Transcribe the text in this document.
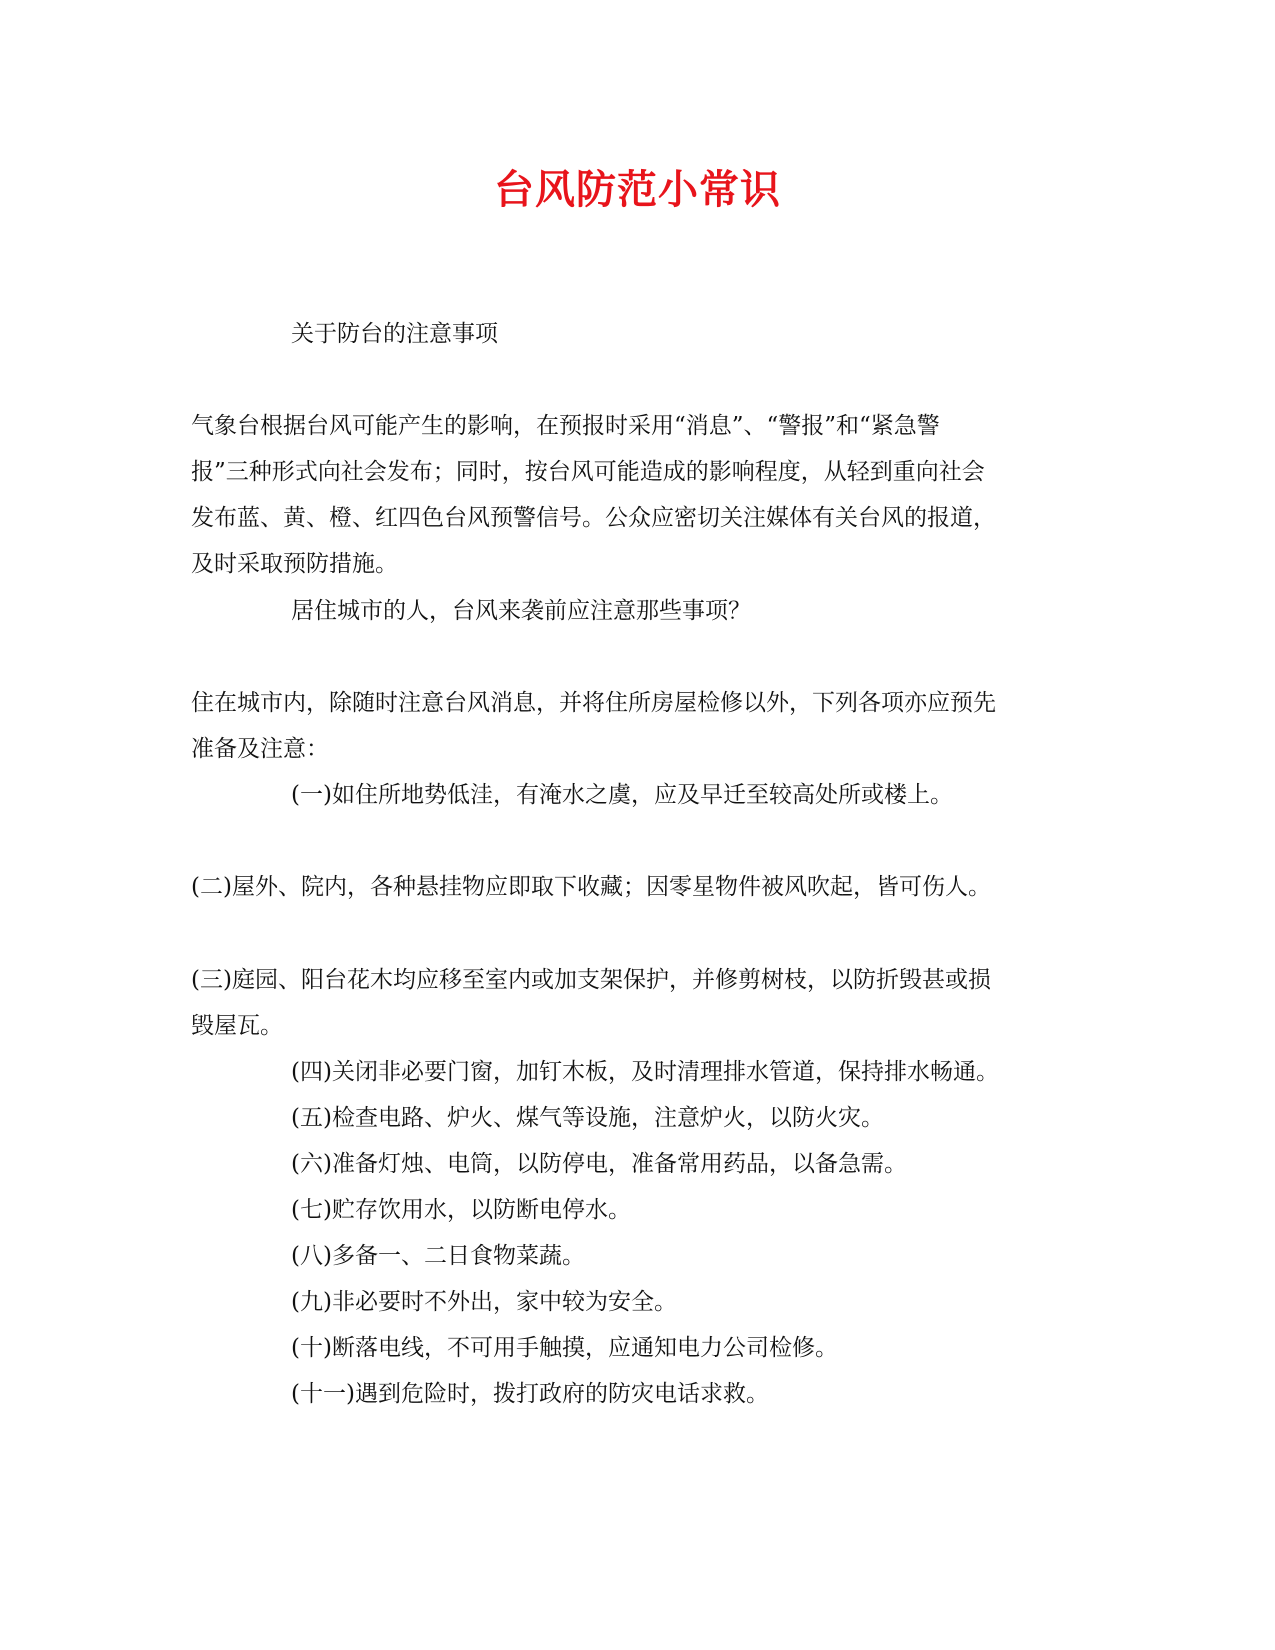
台风防范小常识
关于防台的注意事项
气象台根据台风可能产生的影响，在预报时采用“消息”、“警报”和“紧急警
报”三种形式向社会发布；同时，按台风可能造成的影响程度，从轻到重向社会
发布蓝、黄、橙、红四色台风预警信号。公众应密切关注媒体有关台风的报道，
及时采取预防措施。
居住城市的人，台风来袭前应注意那些事项？
住在城市内，除随时注意台风消息，并将住所房屋检修以外，下列各项亦应预先
准备及注意：
(一)如住所地势低洼，有淹水之虞，应及早迁至较高处所或楼上。
(二)屋外、院内，各种悬挂物应即取下收藏；因零星物件被风吹起，皆可伤人。
(三)庭园、阳台花木均应移至室内或加支架保护，并修剪树枝，以防折毁甚或损
毁屋瓦。
(四)关闭非必要门窗，加钉木板，及时清理排水管道，保持排水畅通。
(五)检查电路、炉火、煤气等设施，注意炉火，以防火灾。
(六)准备灯烛、电筒，以防停电，准备常用药品，以备急需。
(七)贮存饮用水，以防断电停水。
(八)多备一、二日食物菜蔬。
(九)非必要时不外出，家中较为安全。
(十)断落电线，不可用手触摸，应通知电力公司检修。
(十一)遇到危险时，拨打政府的防灾电话求救。
